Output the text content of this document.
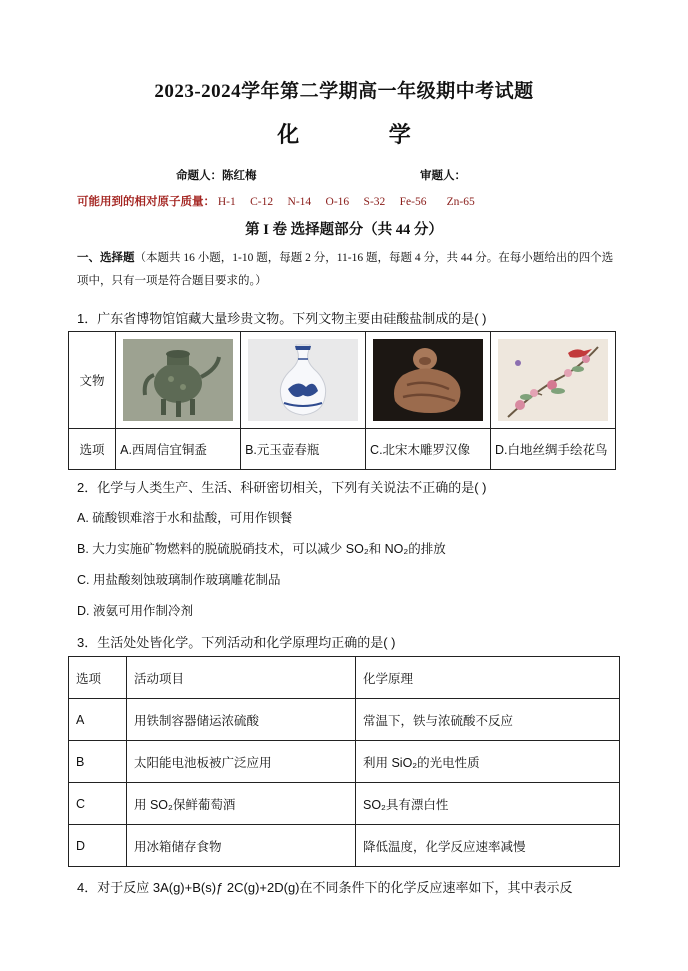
2023-2024学年第二学期高一年级期中考试题
化 学
命题人：陈红梅	审题人：
可能用到的相对原子质量： H-1 C-12 N-14 O-16 S-32 Fe-56 Zn-65
第 I 卷 选择题部分（共 44 分）
一、选择题（本题共 16 小题，1-10 题，每题 2 分，11-16 题，每题 4 分，共 44 分。在每小题给出的四个选项中，只有一项是符合题目要求的。）
1．广东省博物馆馆藏大量珍贵文物。下列文物主要由硅酸盐制成的是( )
文物	

选项	A.西周信宜铜盉	B.元玉壶春瓶	C.北宋木雕罗汉像	D.白地丝绸手绘花鸟
2．化学与人类生产、生活、科研密切相关，下列有关说法不正确的是( )
A. 硫酸钡难溶于水和盐酸，可用作钡餐
B. 大力实施矿物燃料的脱硫脱硝技术，可以减少 SO₂和 NO₂的排放
C. 用盐酸刻蚀玻璃制作玻璃雕花制品
D. 液氨可用作制冷剂
3．生活处处皆化学。下列活动和化学原理均正确的是( )
选项	活动项目	化学原理
A	用铁制容器储运浓硫酸	常温下，铁与浓硫酸不反应
B	太阳能电池板被广泛应用	利用 SiO₂的光电性质
C	用 SO₂保鲜葡萄酒	SO₂具有漂白性
D	用冰箱储存食物	降低温度，化学反应速率减慢
4．对于反应 3A(g)+B(s)ƒ 2C(g)+2D(g)在不同条件下的化学反应速率如下，其中表示反
